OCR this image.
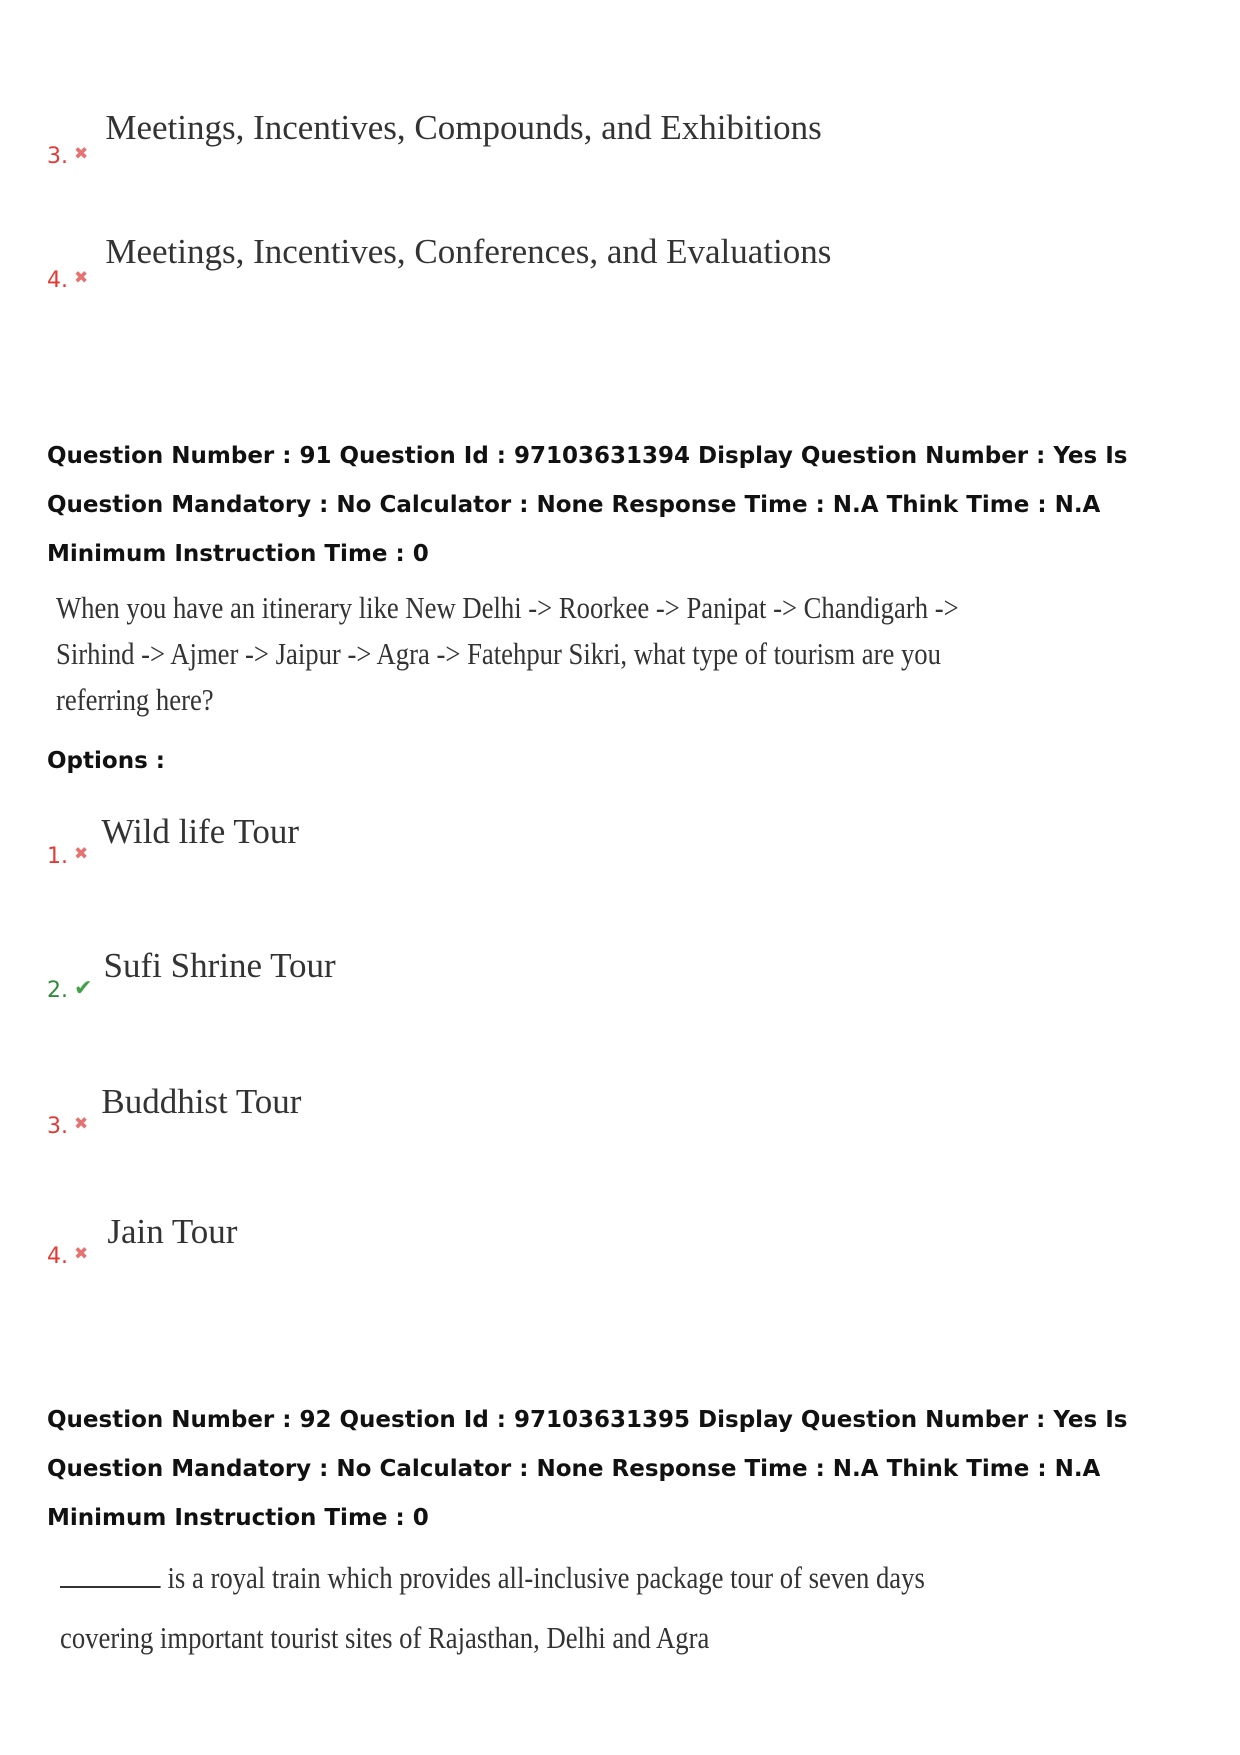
3. ✖ Meetings, Incentives, Compounds, and Exhibitions
4. ✖ Meetings, Incentives, Conferences, and Evaluations
Question Number : 91 Question Id : 97103631394 Display Question Number : Yes Is Question Mandatory : No Calculator : None Response Time : N.A Think Time : N.A Minimum Instruction Time : 0
When you have an itinerary like New Delhi -> Roorkee -> Panipat -> Chandigarh ->
Sirhind -> Ajmer -> Jaipur -> Agra -> Fatehpur Sikri, what type of tourism are you
referring here?
Options :
1. ✖ Wild life Tour
2. ✔ Sufi Shrine Tour
3. ✖ Buddhist Tour
4. ✖ Jain Tour
Question Number : 92 Question Id : 97103631395 Display Question Number : Yes Is Question Mandatory : No Calculator : None Response Time : N.A Think Time : N.A Minimum Instruction Time : 0
is a royal train which provides all-inclusive package tour of seven days
covering important tourist sites of Rajasthan, Delhi and Agra
